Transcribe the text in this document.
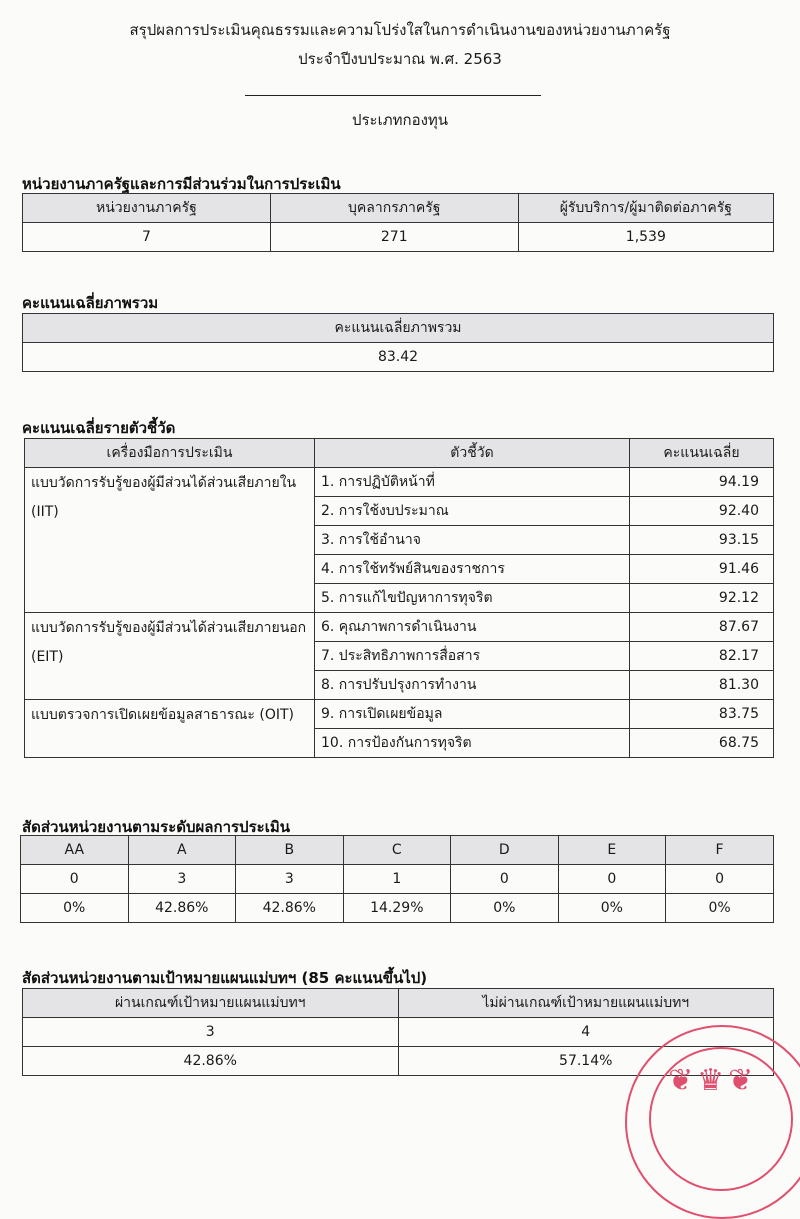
สรุปผลการประเมินคุณธรรมและความโปร่งใสในการดำเนินงานของหน่วยงานภาครัฐ
ประจำปีงบประมาณ พ.ศ. 2563
ประเภทกองทุน
หน่วยงานภาครัฐและการมีส่วนร่วมในการประเมิน
หน่วยงานภาครัฐ	บุคลากรภาครัฐ	ผู้รับบริการ/ผู้มาติดต่อภาครัฐ
7	271	1,539
คะแนนเฉลี่ยภาพรวม
คะแนนเฉลี่ยภาพรวม
83.42
คะแนนเฉลี่ยรายตัวชี้วัด
เครื่องมือการประเมิน	ตัวชี้วัด	คะแนนเฉลี่ย
แบบวัดการรับรู้ของผู้มีส่วนได้ส่วนเสียภายใน (IIT)	1. การปฏิบัติหน้าที่	94.19
	2. การใช้งบประมาณ	92.40
	3. การใช้อำนาจ	93.15
	4. การใช้ทรัพย์สินของราชการ	91.46
	5. การแก้ไขปัญหาการทุจริต	92.12
แบบวัดการรับรู้ของผู้มีส่วนได้ส่วนเสียภายนอก (EIT)	6. คุณภาพการดำเนินงาน	87.67
	7. ประสิทธิภาพการสื่อสาร	82.17
	8. การปรับปรุงการทำงาน	81.30
แบบตรวจการเปิดเผยข้อมูลสาธารณะ (OIT)	9. การเปิดเผยข้อมูล	83.75
	10. การป้องกันการทุจริต	68.75
สัดส่วนหน่วยงานตามระดับผลการประเมิน
AA	A	B	C	D	E	F
0	3	3	1	0	0	0
0%	42.86%	42.86%	14.29%	0%	0%	0%
สัดส่วนหน่วยงานตามเป้าหมายแผนแม่บทฯ (85 คะแนนขึ้นไป)
ผ่านเกณฑ์เป้าหมายแผนแม่บทฯ	ไม่ผ่านเกณฑ์เป้าหมายแผนแม่บทฯ
3	4
42.86%	57.14%
❦♛❦
